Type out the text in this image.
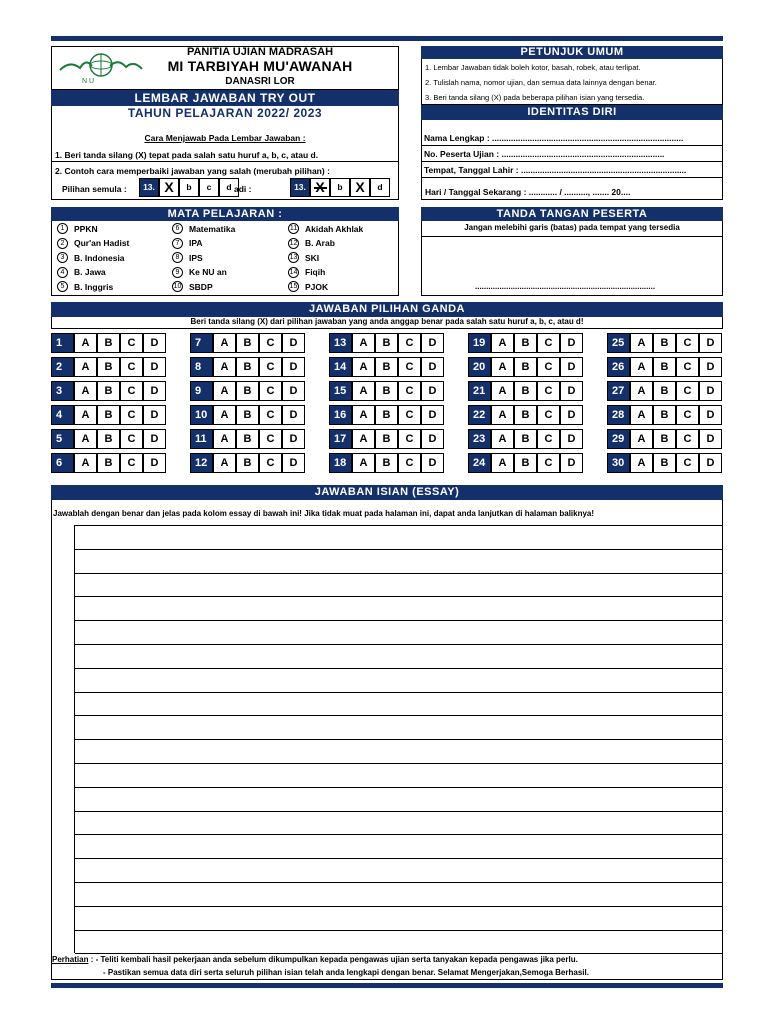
N U
PANITIA UJIAN MADRASAH
MI TARBIYAH MU'AWANAH
DANASRI LOR
LEMBAR JAWABAN TRY OUT
TAHUN PELAJARAN 2022/ 2023
Cara Menjawab Pada Lembar Jawaban :
1. Beri tanda silang (X) tepat pada salah satu huruf a, b, c, atau d.
2. Contoh cara memperbaiki jawaban yang salah (merubah pilihan) :
Pilihan semula :	13. X	b	c	d adi :	13.	b X	d
PETUNJUK UMUM
1. Lembar Jawaban tidak boleh kotor, basah, robek, atau terlipat.
2. Tulislah nama, nomor ujian, dan semua data lainnya dengan benar.
3. Beri tanda silang (X) pada beberapa pilihan isian yang tersedia.
IDENTITAS DIRI
Nama Lengkap : .................................................................................
No. Peserta Ujian : .....................................................................
Tempat, Tanggal Lahir : ......................................................................
Hari / Tanggal Sekarang : ............ / .........., ....... 20....
MATA PELAJARAN :
1	PPKN
2	Qur'an Hadist
3	B. Indonesia
4	B. Jawa
5	B. Inggris
6	Matematika
7	IPA
8	IPS
9	Ke NU an
10 SBDP
11 Akidah Akhlak
12 B. Arab
13 SKI
14 Fiqih
15 PJOK
TANDA TANGAN PESERTA
Jangan melebihi garis (batas) pada tempat yang tersedia
.................................................................................
JAWABAN PILIHAN GANDA
Beri tanda silang (X) dari pilihan jawaban yang anda anggap benar pada salah satu huruf a, b, c, atau d!
1	A	B	C	D
2	A	B	C	D
3	A	B	C	D
4	A	B	C	D
5	A	B	C	D
6	A	B	C	D
7	A	B	C	D
8	A	B	C	D
9	A	B	C	D
10	A	B	C	D
11	A	B	C	D
12	A	B	C	D
13	A	B	C	D
14	A	B	C	D
15	A	B	C	D
16	A	B	C	D
17	A	B	C	D
18	A	B	C	D
19	A	B	C	D
20	A	B	C	D
21	A	B	C	D
22	A	B	C	D
23	A	B	C	D
24	A	B	C	D
25	A	B	C	D
26	A	B	C	D
27	A	B	C	D
28	A	B	C	D
29	A	B	C	D
30	A	B	C	D
JAWABAN ISIAN (ESSAY)
Jawablah dengan benar dan jelas pada kolom essay di bawah ini! Jika tidak muat pada halaman ini, dapat anda lanjutkan di halaman baliknya!
Perhatian : - Teliti kembali hasil pekerjaan anda sebelum dikumpulkan kepada pengawas ujian serta tanyakan kepada pengawas jika perlu.
- Pastikan semua data diri serta seluruh pilihan isian telah anda lengkapi dengan benar. Selamat Mengerjakan,Semoga Berhasil.
